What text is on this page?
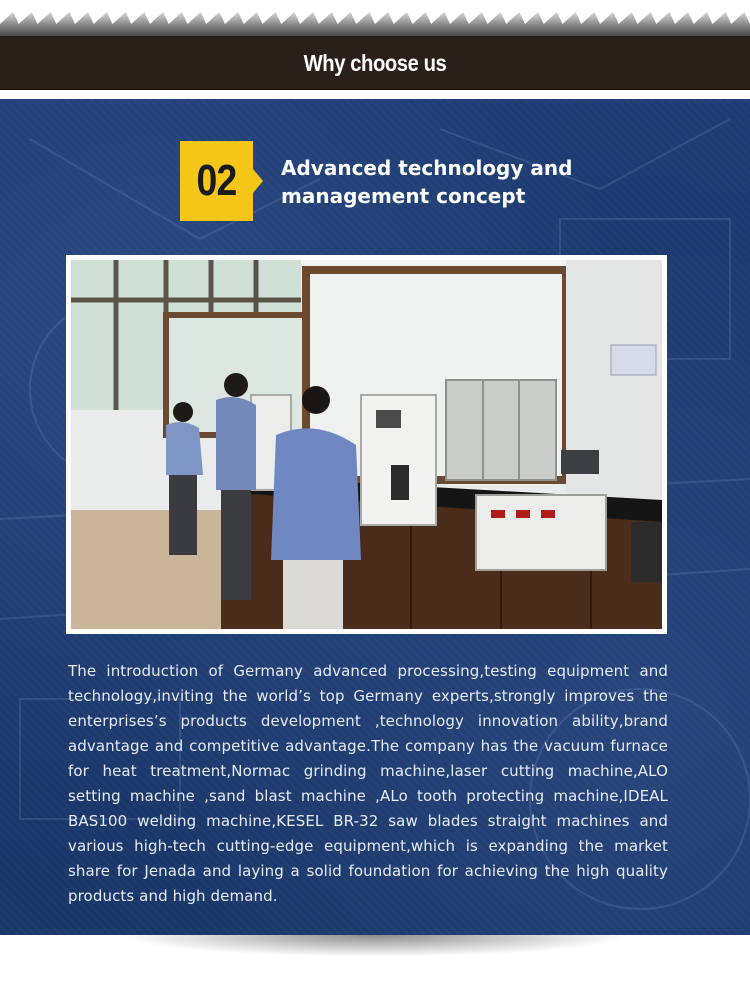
Why choose us
02	Advanced technology and
management concept

The introduction of Germany advanced processing,testing equipment and technology,inviting the world’s top Germany experts,strongly improves the enterprises’s products development ,technology innovation ability,brand advantage and competitive advantage.The company has the vacuum furnace for heat treatment,Normac grinding machine,laser cutting machine,ALO setting machine ,sand blast machine ,ALo tooth protecting machine,IDEAL BAS100 welding machine,KESEL BR-32 saw blades straight machines and various high-tech cutting-edge equipment,which is expanding the market share for Jenada and laying a solid foundation for achieving the high quality products and high demand.
